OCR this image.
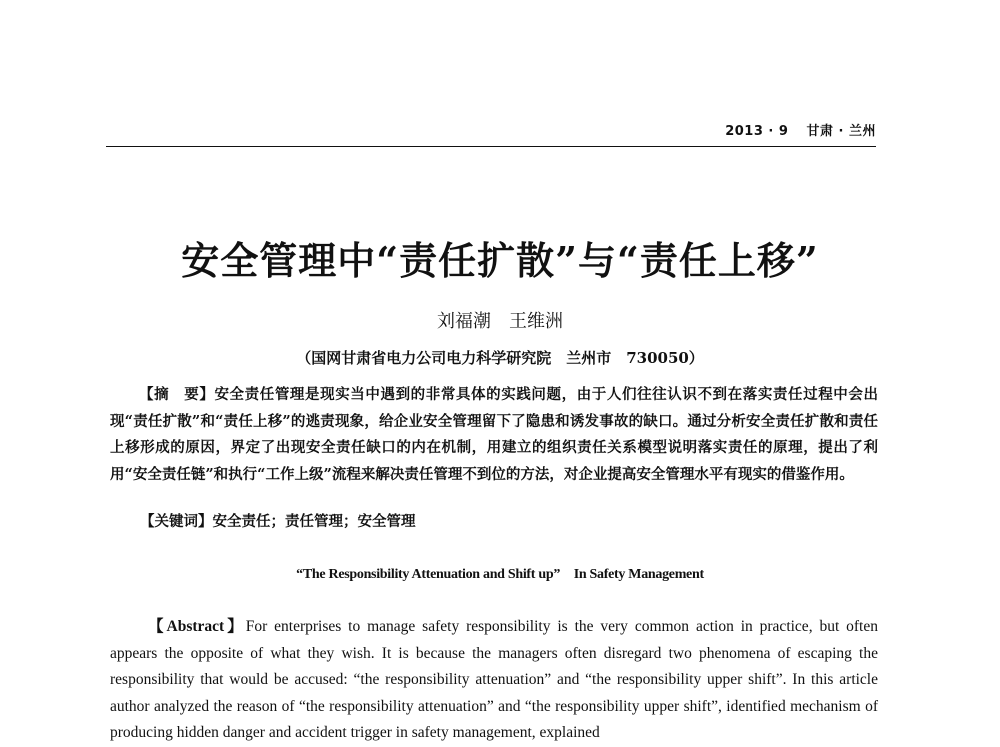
2013 · 9 甘肃 · 兰州
安全管理中“责任扩散”与“责任上移”
刘福潮　王维洲
（国网甘肃省电力公司电力科学研究院　兰州市　730050）

【摘　要】安全责任管理是现实当中遇到的非常具体的实践问题，由于人们往往认识不到在落实责任过程中会出现“责任扩散”和“责任上移”的逃责现象，给企业安全管理留下了隐患和诱发事故的缺口。通过分析安全责任扩散和责任上移形成的原因，界定了出现安全责任缺口的内在机制，用建立的组织责任关系模型说明落实责任的原理，提出了利用“安全责任链”和执行“工作上级”流程来解决责任管理不到位的方法，对企业提高安全管理水平有现实的借鉴作用。

【关键词】安全责任；责任管理；安全管理

“The Responsibility Attenuation and Shift up”　In Safety Management

【Abstract】For enterprises to manage safety responsibility is the very common action in practice, but often appears the opposite of what they wish. It is because the managers often disregard two phenomena of escaping the responsibility that would be accused: “the responsibility attenuation” and “the responsibility upper shift”. In this article author analyzed the reason of “the responsibility attenuation” and “the responsibility upper shift”, identified mechanism of producing hidden danger and accident trigger in safety management, explained
